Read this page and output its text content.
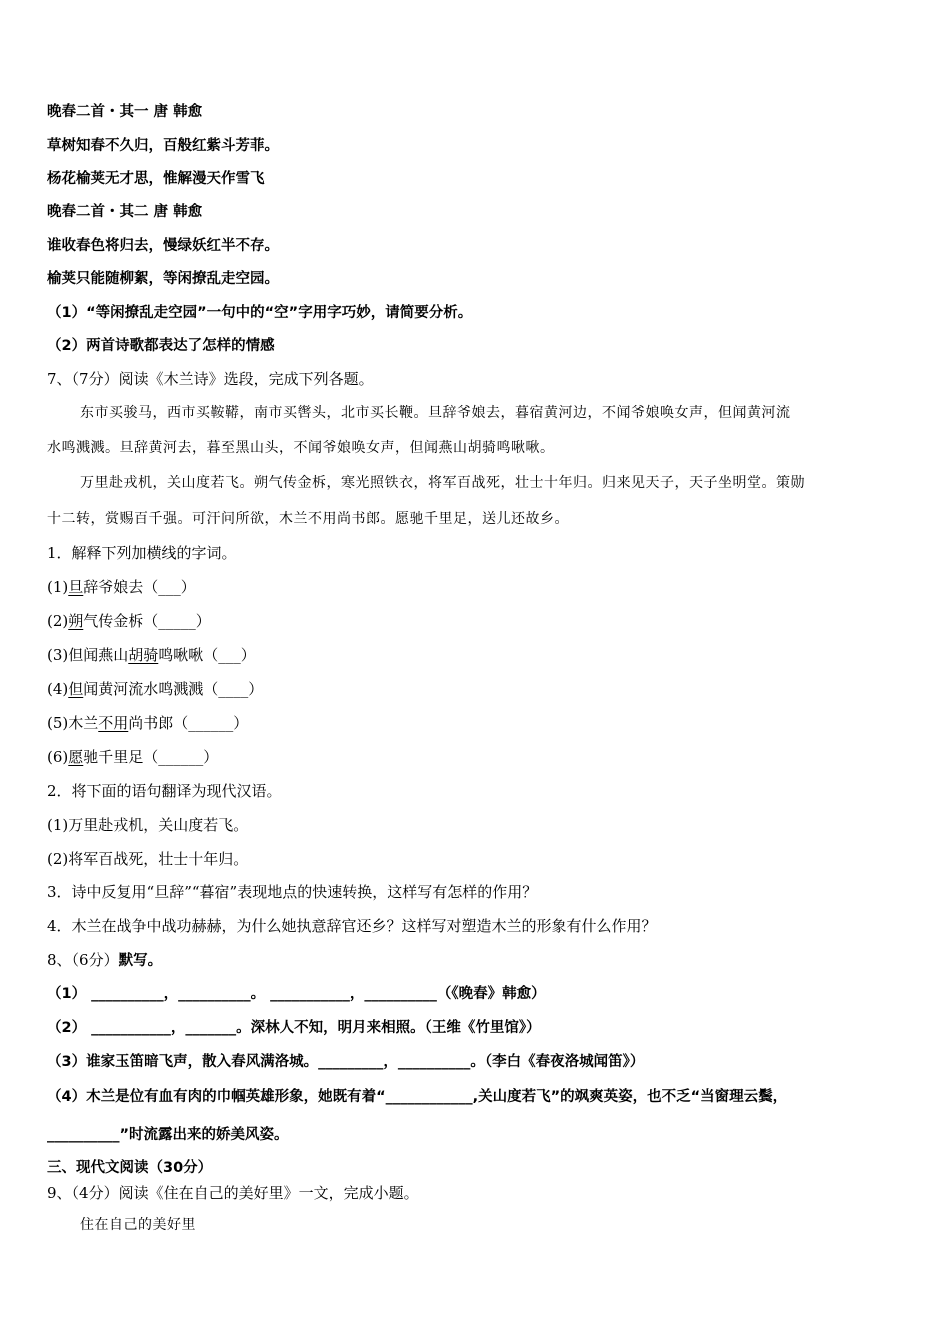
晚春二首・其一 唐 韩愈
草树知春不久归，百般红紫斗芳菲。
杨花榆荚无才思，惟解漫天作雪飞
晚春二首・其二 唐 韩愈
谁收春色将归去，慢绿妖红半不存。
榆荚只能随柳絮，等闲撩乱走空园。
（1）“等闲撩乱走空园”一句中的“空”字用字巧妙，请简要分析。
（2）两首诗歌都表达了怎样的情感
7、（7分）阅读《木兰诗》选段，完成下列各题。
东市买骏马，西市买鞍鞯，南市买辔头，北市买长鞭。旦辞爷娘去，暮宿黄河边，不闻爷娘唤女声，但闻黄河流
水鸣溅溅。旦辞黄河去，暮至黑山头，不闻爷娘唤女声，但闻燕山胡骑鸣啾啾。
万里赴戎机，关山度若飞。朔气传金柝，寒光照铁衣，将军百战死，壮士十年归。归来见天子，天子坐明堂。策勋
十二转，赏赐百千强。可汗问所欲，木兰不用尚书郎。愿驰千里足，送儿还故乡。
1．解释下列加横线的字词。
(1)旦辞爷娘去（___）
(2)朔气传金柝（_____）
(3)但闻燕山胡骑鸣啾啾（___）
(4)但闻黄河流水鸣溅溅（____）
(5)木兰不用尚书郎（______）
(6)愿驰千里足（______）
2．将下面的语句翻译为现代汉语。
(1)万里赴戎机，关山度若飞。
(2)将军百战死，壮士十年归。
3．诗中反复用“旦辞”“暮宿”表现地点的快速转换，这样写有怎样的作用？
4．木兰在战争中战功赫赫，为什么她执意辞官还乡？这样写对塑造木兰的形象有什么作用？
8、（6分）默写。
（1） __________，__________。 ___________，__________（《晚春》韩愈）
（2） ___________，_______。深林人不知，明月来相照。（王维《竹里馆》）
（3）谁家玉笛暗飞声，散入春风满洛城。_________，__________。（李白《春夜洛城闻笛》）
（4）木兰是位有血有肉的巾帼英雄形象，她既有着“____________,关山度若飞”的飒爽英姿，也不乏“当窗理云鬓，
__________”时流露出来的娇美风姿。
三、现代文阅读（30分）
9、（4分）阅读《住在自己的美好里》一文，完成小题。
住在自己的美好里
